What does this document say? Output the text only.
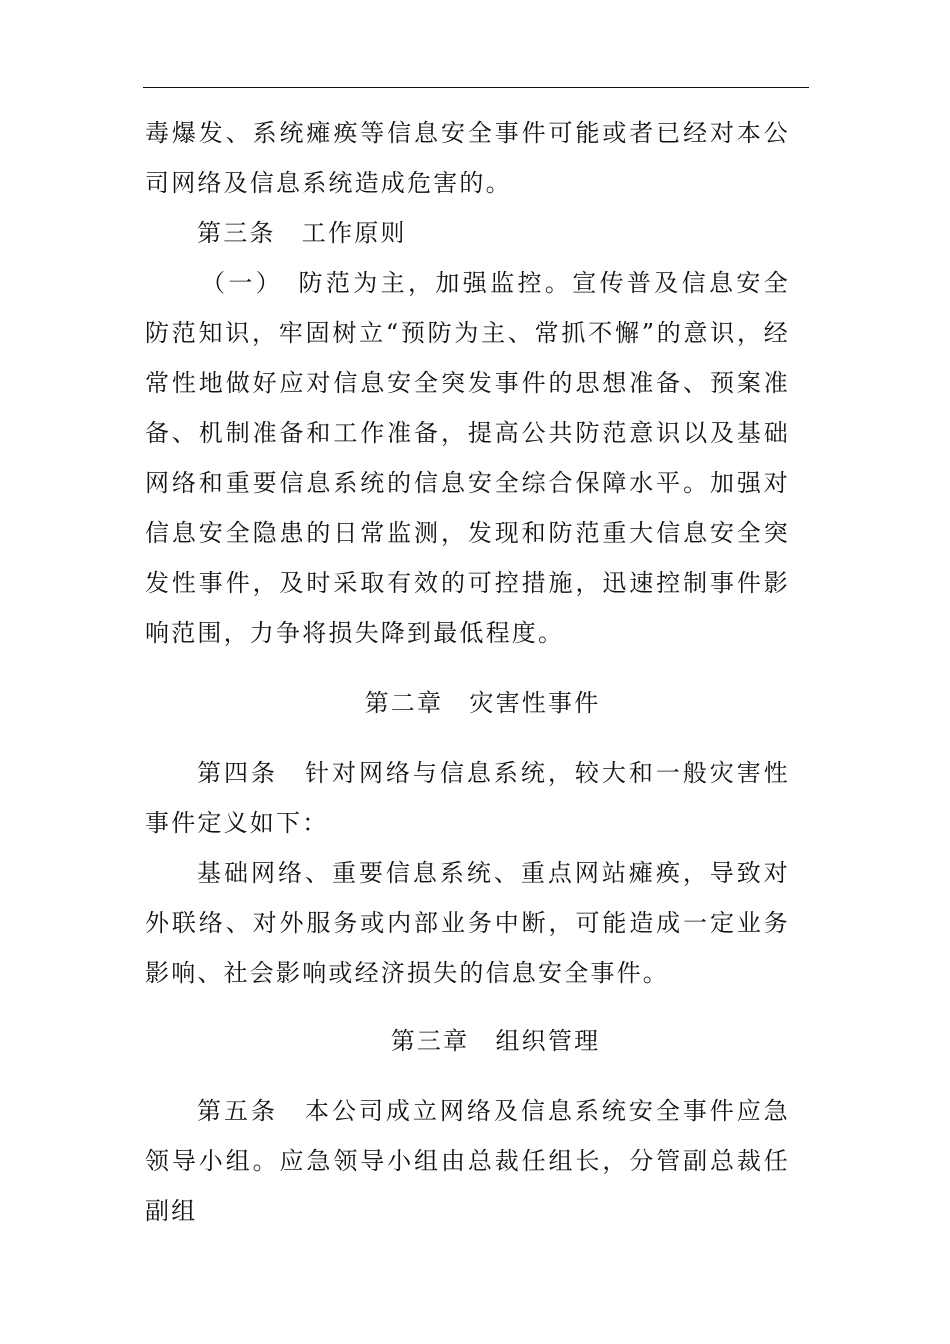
毒爆发、系统瘫痪等信息安全事件可能或者已经对本公司网络及信息系统造成危害的。

第三条　工作原则

（一）　防范为主，加强监控。宣传普及信息安全防范知识，牢固树立“预防为主、常抓不懈”的意识，经常性地做好应对信息安全突发事件的思想准备、预案准备、机制准备和工作准备，提高公共防范意识以及基础网络和重要信息系统的信息安全综合保障水平。加强对信息安全隐患的日常监测，发现和防范重大信息安全突发性事件，及时采取有效的可控措施，迅速控制事件影响范围，力争将损失降到最低程度。

第二章　灾害性事件

第四条　针对网络与信息系统，较大和一般灾害性事件定义如下：

基础网络、重要信息系统、重点网站瘫痪，导致对外联络、对外服务或内部业务中断，可能造成一定业务影响、社会影响或经济损失的信息安全事件。

第三章　组织管理

第五条　本公司成立网络及信息系统安全事件应急领导小组。应急领导小组由总裁任组长，分管副总裁任副组
